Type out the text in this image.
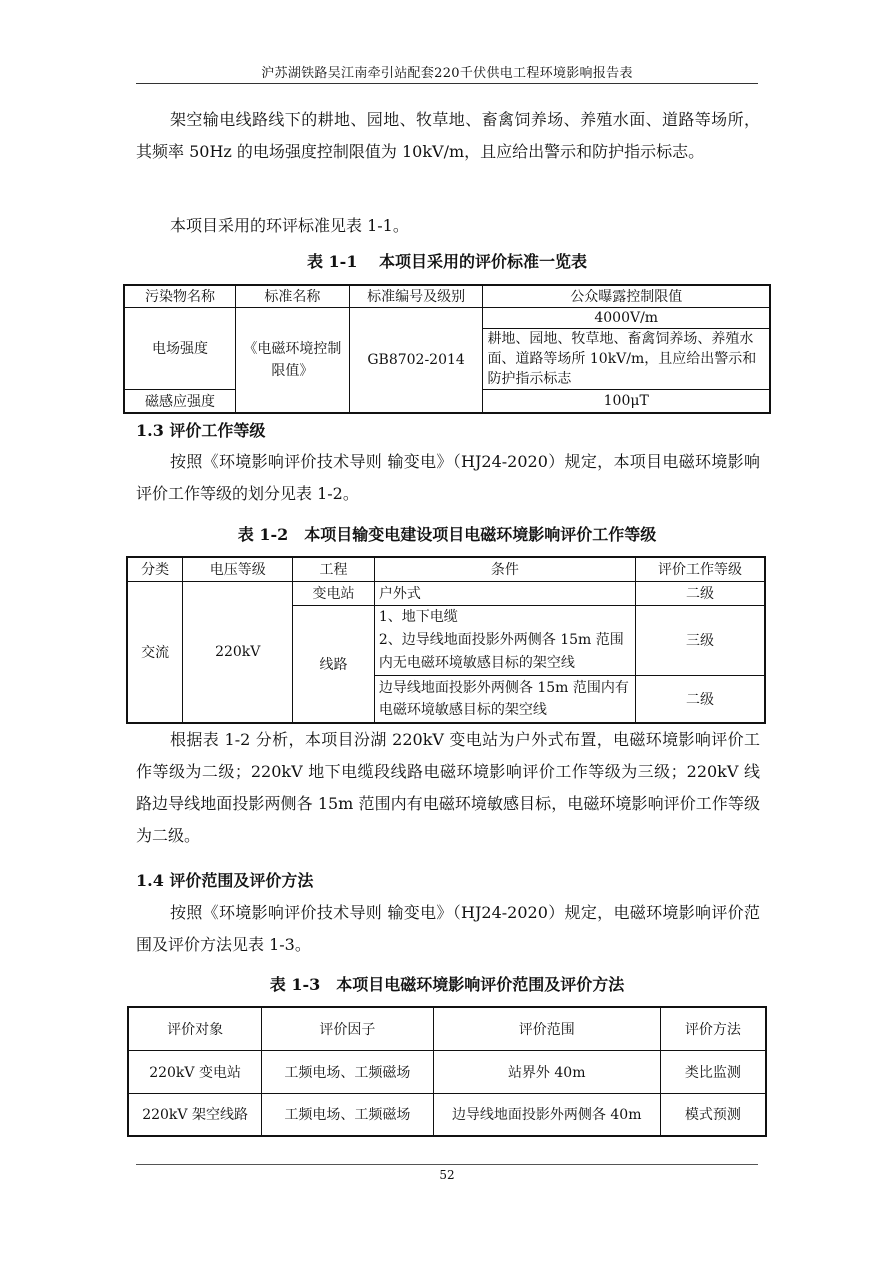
沪苏湖铁路吴江南牵引站配套220千伏供电工程环境影响报告表

架空输电线路线下的耕地、园地、牧草地、畜禽饲养场、养殖水面、道路等场所，其频率 50Hz 的电场强度控制限值为 10kV/m，且应给出警示和防护指示标志。

本项目采用的环评标准见表 1-1。

表 1-1　 本项目采用的评价标准一览表

污染物名称	标准名称	标准编号及级别	公众曝露控制限值
电场强度	《电磁环境控制限值》	GB8702-2014	4000V/m
			耕地、园地、牧草地、畜禽饲养场、养殖水面、道路等场所 10kV/m，且应给出警示和防护指示标志
磁感应强度			100μT

1.3 评价工作等级

按照《环境影响评价技术导则 输变电》（HJ24-2020）规定，本项目电磁环境影响评价工作等级的划分见表 1-2。

表 1-2　本项目输变电建设项目电磁环境影响评价工作等级

分类	电压等级	工程	条件	评价工作等级
交流	220kV	变电站	户外式	二级
		线路	1、地下电缆
2、边导线地面投影外两侧各 15m 范围内无电磁环境敏感目标的架空线	三级
			边导线地面投影外两侧各 15m 范围内有电磁环境敏感目标的架空线	二级

根据表 1-2 分析，本项目汾湖 220kV 变电站为户外式布置，电磁环境影响评价工作等级为二级；220kV 地下电缆段线路电磁环境影响评价工作等级为三级；220kV 线路边导线地面投影两侧各 15m 范围内有电磁环境敏感目标，电磁环境影响评价工作等级为二级。

1.4 评价范围及评价方法

按照《环境影响评价技术导则 输变电》（HJ24-2020）规定，电磁环境影响评价范围及评价方法见表 1-3。

表 1-3　本项目电磁环境影响评价范围及评价方法

评价对象	评价因子	评价范围	评价方法
220kV 变电站	工频电场、工频磁场	站界外 40m	类比监测
220kV 架空线路	工频电场、工频磁场	边导线地面投影外两侧各 40m	模式预测
52
